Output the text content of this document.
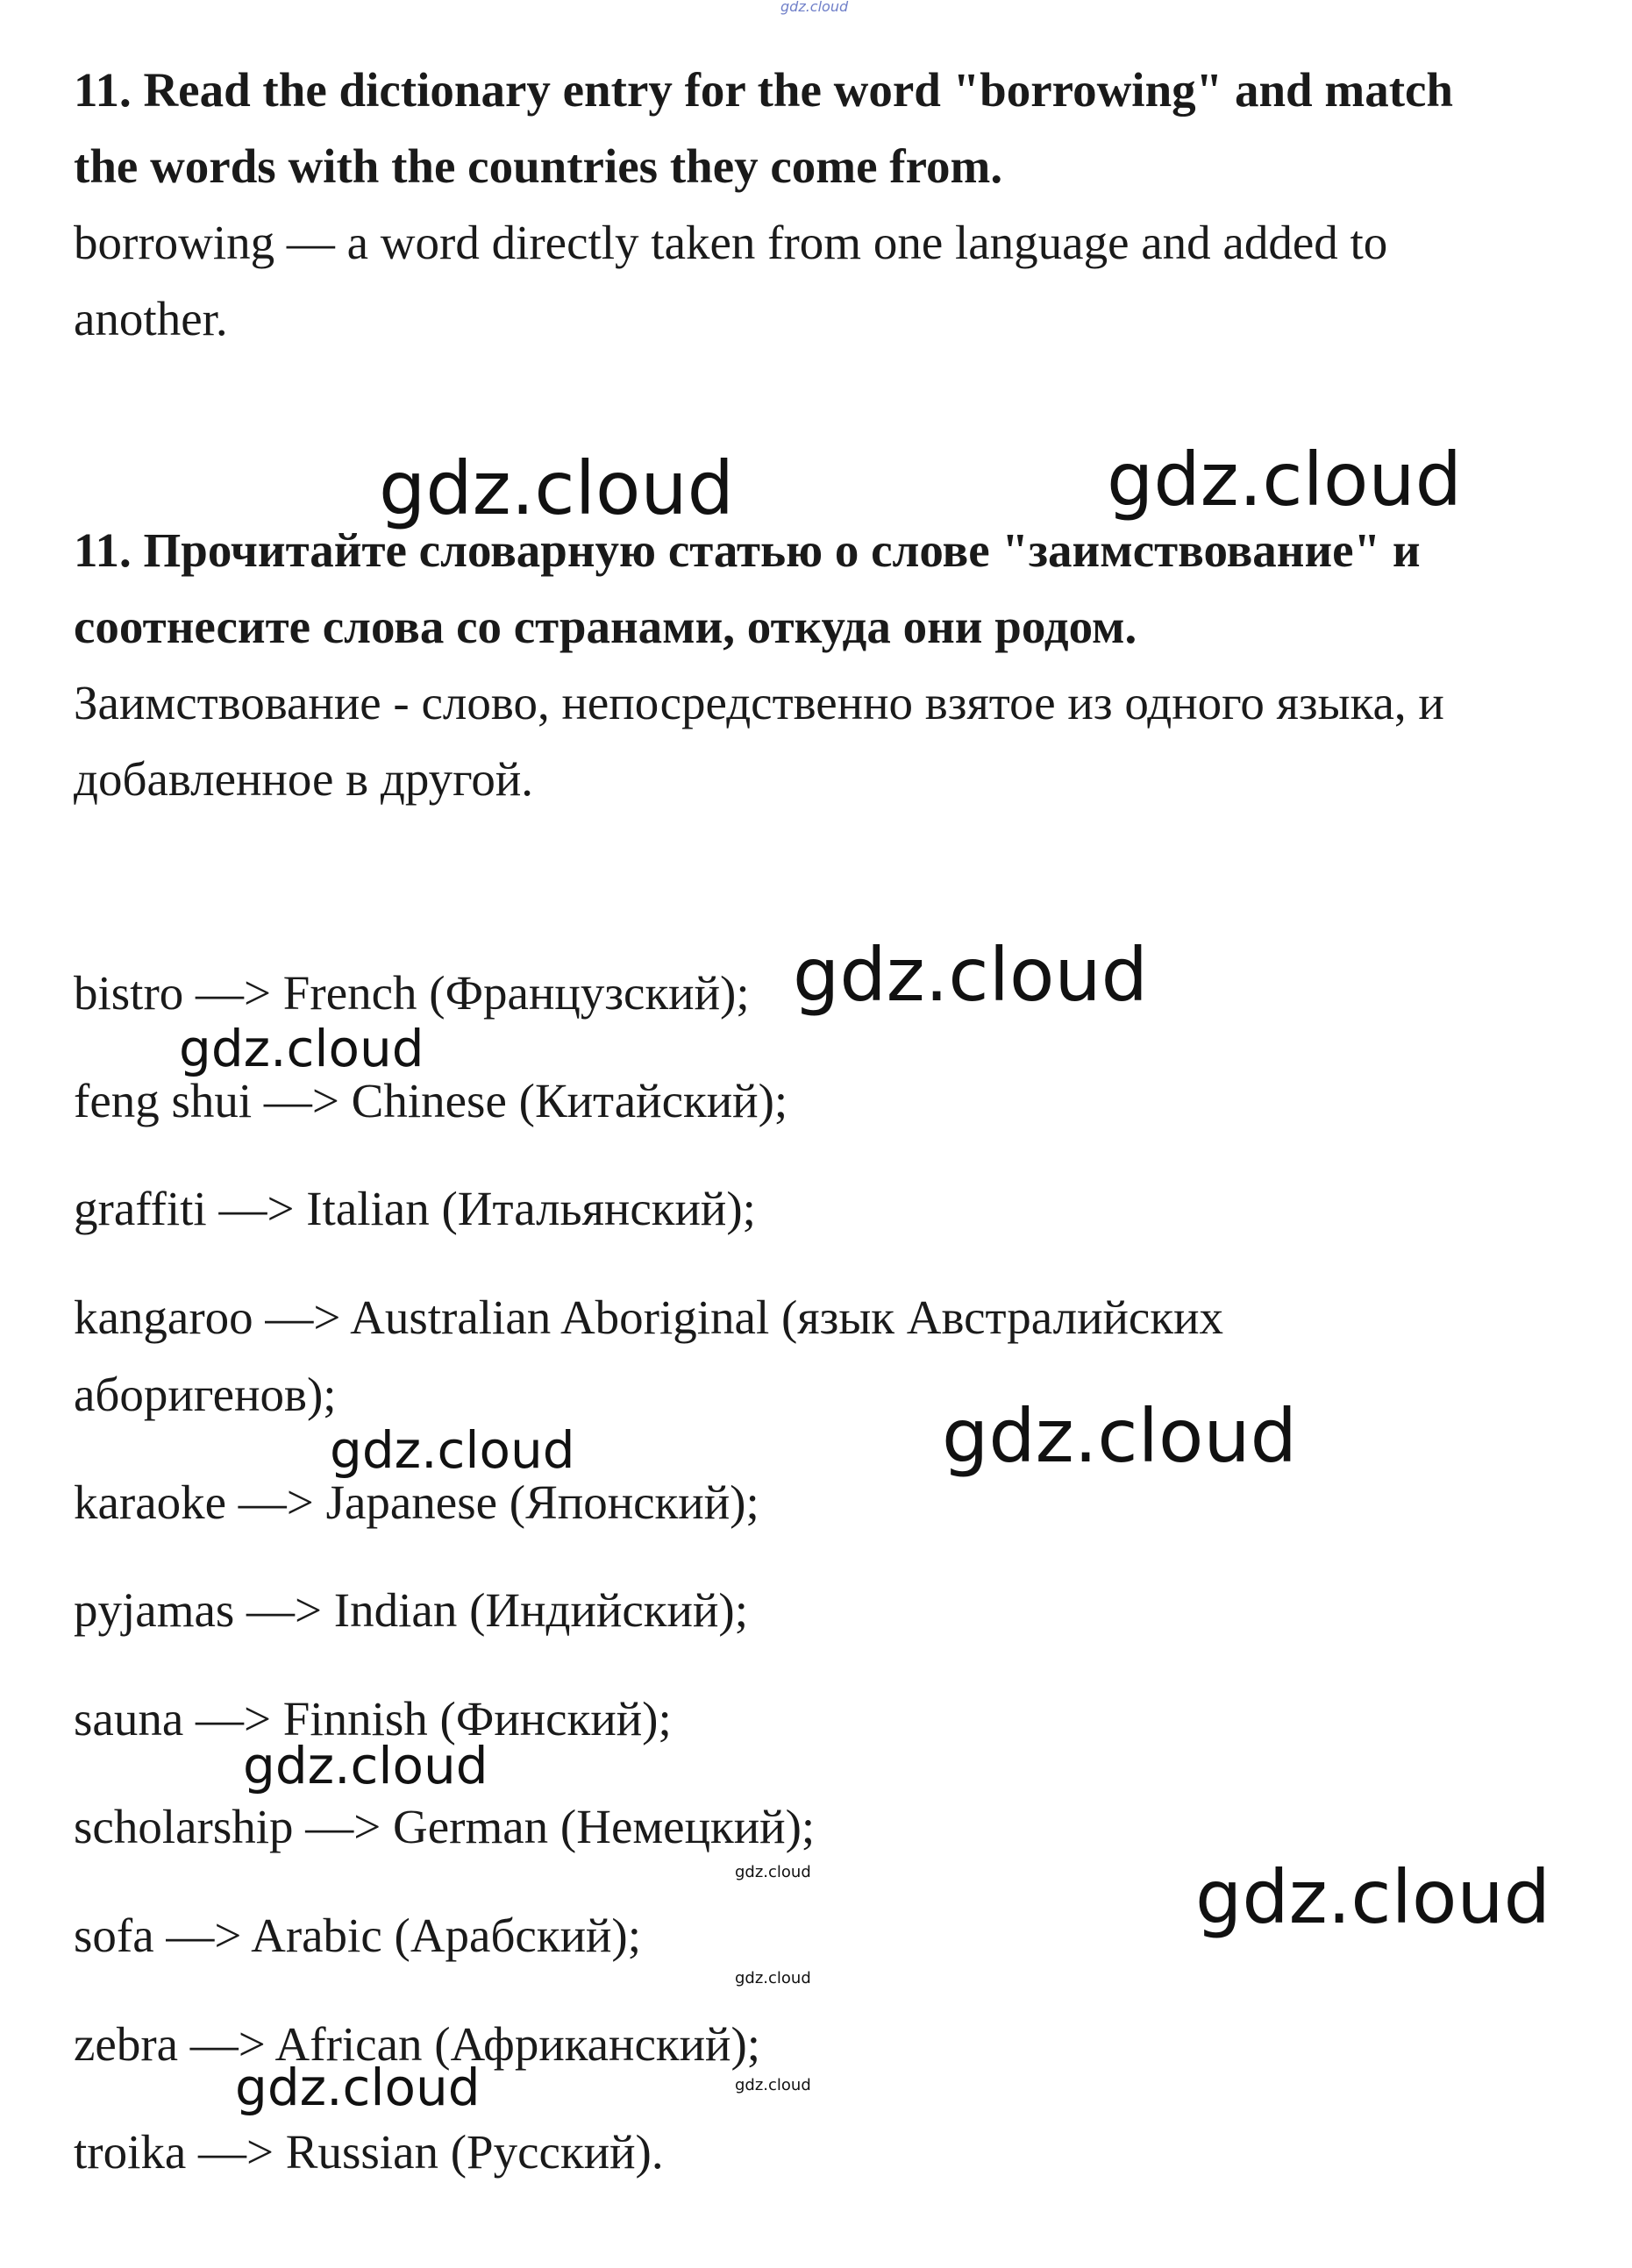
gdz.cloud
11. Read the dictionary entry for the word "borrowing" and match
the words with the countries they come from.
borrowing — a word directly taken from one language and added to
another.
11. Прочитайте словарную статью о слове "заимствование" и
соотнесите слова со странами, откуда они родом.
Заимствование - слово, непосредственно взятое из одного языка, и
добавленное в другой.
bistro —> French (Французский);
feng shui —> Chinese (Китайский);
graffiti —> Italian (Итальянский);
kangaroo —> Australian Aboriginal (язык Австралийских
аборигенов);
karaoke —> Japanese (Японский);
pyjamas —> Indian (Индийский);
sauna —> Finnish (Финский);
scholarship —> German (Немецкий);
sofa —> Arabic (Арабский);
zebra —> African (Африканский);
troika —> Russian (Русский).
gdz.cloud	gdz.cloud
gdz.cloud
gdz.cloud
gdz.cloud
gdz.cloud
gdz.cloud
gdz.cloud
gdz.cloud
gdz.cloud
gdz.cloud
gdz.cloud
